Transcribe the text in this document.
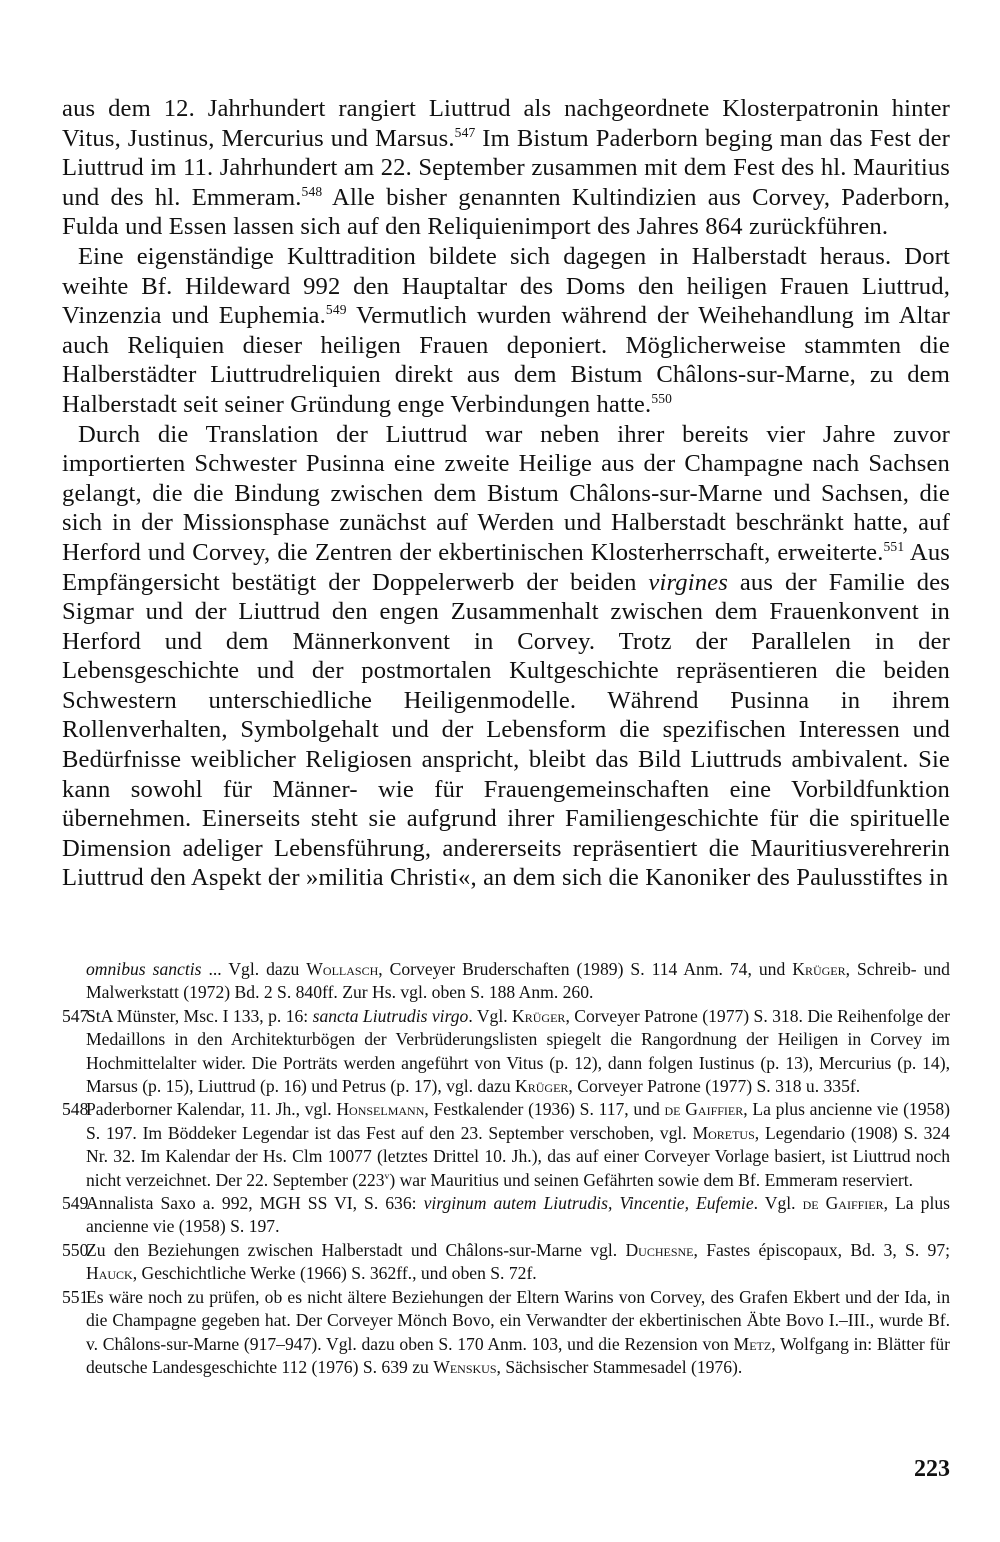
aus dem 12. Jahrhundert rangiert Liuttrud als nachgeordnete Klosterpatronin hinter Vitus, Justinus, Mercurius und Marsus.$^{547}$ Im Bistum Paderborn beging man das Fest der Liuttrud im 11. Jahrhundert am 22. September zusammen mit dem Fest des hl. Mauritius und des hl. Emmeram.$^{548}$ Alle bisher genannten Kultindizien aus Corvey, Paderborn, Fulda und Essen lassen sich auf den Reliquienimport des Jahres 864 zurückführen.

Eine eigenständige Kulttradition bildete sich dagegen in Halberstadt heraus. Dort weihte Bf. Hildeward 992 den Hauptaltar des Doms den heiligen Frauen Liuttrud, Vinzenzia und Euphemia.$^{549}$ Vermutlich wurden während der Weihehandlung im Altar auch Reliquien dieser heiligen Frauen deponiert. Möglicherweise stammten die Halberstädter Liuttrudreliquien direkt aus dem Bistum Châlons-sur-Marne, zu dem Halberstadt seit seiner Gründung enge Verbindungen hatte.$^{550}$

Durch die Translation der Liuttrud war neben ihrer bereits vier Jahre zuvor importierten Schwester Pusinna eine zweite Heilige aus der Champagne nach Sachsen gelangt, die die Bindung zwischen dem Bistum Châlons-sur-Marne und Sachsen, die sich in der Missionsphase zunächst auf Werden und Halberstadt beschränkt hatte, auf Herford und Corvey, die Zentren der ekbertinischen Klosterherrschaft, erweiterte.$^{551}$ Aus Empfängersicht bestätigt der Doppelerwerb der beiden virgines aus der Familie des Sigmar und der Liuttrud den engen Zusammenhalt zwischen dem Frauenkonvent in Herford und dem Männerkonvent in Corvey. Trotz der Parallelen in der Lebensgeschichte und der postmortalen Kultgeschichte repräsentieren die beiden Schwestern unterschiedliche Heiligenmodelle. Während Pusinna in ihrem Rollenverhalten, Symbolgehalt und der Lebensform die spezifischen Interessen und Bedürfnisse weiblicher Religiosen anspricht, bleibt das Bild Liuttruds ambivalent. Sie kann sowohl für Männer- wie für Frauengemeinschaften eine Vorbildfunktion übernehmen. Einerseits steht sie aufgrund ihrer Familiengeschichte für die spirituelle Dimension adeliger Lebensführung, andererseits repräsentiert die Mauritiusverehrerin Liuttrud den Aspekt der »militia Christi«, an dem sich die Kanoniker des Paulusstiftes in

omnibus sanctis ... Vgl. dazu Wollasch, Corveyer Bruderschaften (1989) S. 114 Anm. 74, und Krüger, Schreib- und Malwerkstatt (1972) Bd. 2 S. 840ff. Zur Hs. vgl. oben S. 188 Anm. 260.

547
StA Münster, Msc. I 133, p. 16: sancta Liutrudis virgo. Vgl. Krüger, Corveyer Patrone (1977) S. 318. Die Reihenfolge der Medaillons in den Architekturbögen der Verbrüderungslisten spiegelt die Rangordnung der Heiligen in Corvey im Hochmittelalter wider. Die Porträts werden angeführt von Vitus (p. 12), dann folgen Iustinus (p. 13), Mercurius (p. 14), Marsus (p. 15), Liuttrud (p. 16) und Petrus (p. 17), vgl. dazu Krüger, Corveyer Patrone (1977) S. 318 u. 335f.

548
Paderborner Kalendar, 11. Jh., vgl. Honselmann, Festkalender (1936) S. 117, und de Gaiffier, La plus ancienne vie (1958) S. 197. Im Böddeker Legendar ist das Fest auf den 23. September verschoben, vgl. Moretus, Legendario (1908) S. 324 Nr. 32. Im Kalendar der Hs. Clm 10077 (letztes Drittel 10. Jh.), das auf einer Corveyer Vorlage basiert, ist Liuttrud noch nicht verzeichnet. Der 22. September (223$^v$) war Mauritius und seinen Gefährten sowie dem Bf. Emmeram reserviert.

549
Annalista Saxo a. 992, MGH SS VI, S. 636: virginum autem Liutrudis, Vincentie, Eufemie. Vgl. de Gaiffier, La plus ancienne vie (1958) S. 197.

550
Zu den Beziehungen zwischen Halberstadt und Châlons-sur-Marne vgl. Duchesne, Fastes épiscopaux, Bd. 3, S. 97; Hauck, Geschichtliche Werke (1966) S. 362ff., und oben S. 72f.

551
Es wäre noch zu prüfen, ob es nicht ältere Beziehungen der Eltern Warins von Corvey, des Grafen Ekbert und der Ida, in die Champagne gegeben hat. Der Corveyer Mönch Bovo, ein Verwandter der ekbertinischen Äbte Bovo I.–III., wurde Bf. v. Châlons-sur-Marne (917–947). Vgl. dazu oben S. 170 Anm. 103, und die Rezension von Metz, Wolfgang in: Blätter für deutsche Landesgeschichte 112 (1976) S. 639 zu Wenskus, Sächsischer Stammesadel (1976).

223
